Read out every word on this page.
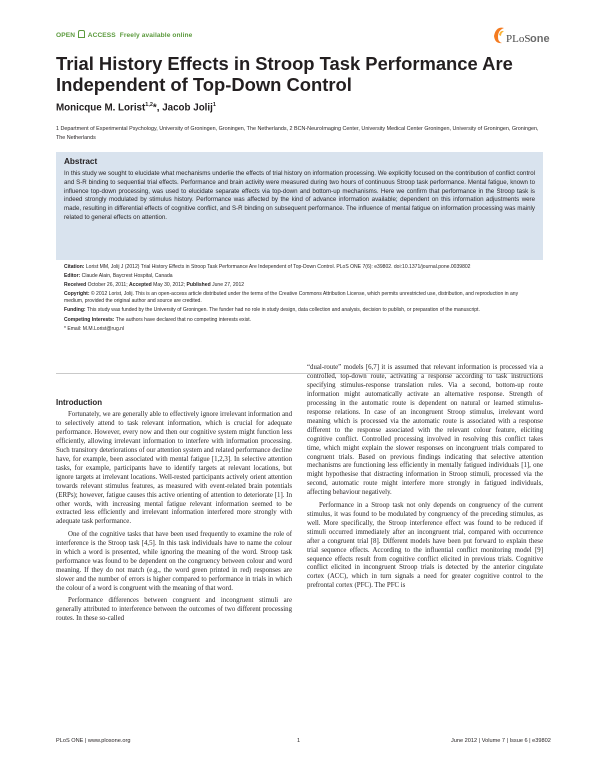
OPEN ACCESS Freely available online	PLoS one
Trial History Effects in Stroop Task Performance Are Independent of Top-Down Control
Monicque M. Lorist$^{1,2}$*, Jacob Jolij$^1$
1 Department of Experimental Psychology, University of Groningen, Groningen, The Netherlands, 2 BCN-NeuroImaging Center, University Medical Center Groningen, University of Groningen, Groningen, The Netherlands
Abstract

In this study we sought to elucidate what mechanisms underlie the effects of trial history on information processing. We explicitly focused on the contribution of conflict control and S-R binding to sequential trial effects. Performance and brain activity were measured during two hours of continuous Stroop task performance. Mental fatigue, known to influence top-down processing, was used to elucidate separate effects via top-down and bottom-up mechanisms. Here we confirm that performance in the Stroop task is indeed strongly modulated by stimulus history. Performance was affected by the kind of advance information available; dependent on this information adjustments were made, resulting in differential effects of cognitive conflict, and S-R binding on subsequent performance. The influence of mental fatigue on information processing was mainly related to general effects on attention.

Citation: Lorist MM, Jolij J (2012) Trial History Effects in Stroop Task Performance Are Independent of Top-Down Control. PLoS ONE 7(6): e39802. doi:10.1371/journal.pone.0039802
Editor: Claude Alain, Baycrest Hospital, Canada
Received October 26, 2011; Accepted May 30, 2012; Published June 27, 2012
Copyright: © 2012 Lorist, Jolij. This is an open-access article distributed under the terms of the Creative Commons Attribution License, which permits unrestricted use, distribution, and reproduction in any medium, provided the original author and source are credited.
Funding: This study was funded by the University of Groningen. The funder had no role in study design, data collection and analysis, decision to publish, or preparation of the manuscript.
Competing Interests: The authors have declared that no competing interests exist.
* Email: M.M.Lorist@rug.nl
Introduction

Fortunately, we are generally able to effectively ignore irrelevant information and to selectively attend to task relevant information, which is crucial for adequate performance. However, every now and then our cognitive system might function less efficiently, allowing irrelevant information to interfere with information processing. Such transitory deteriorations of our attention system and related performance decline have, for example, been associated with mental fatigue [1,2,3]. In selective attention tasks, for example, participants have to identify targets at relevant locations, but ignore targets at irrelevant locations. Well-rested participants actively orient attention towards relevant stimulus features, as measured with event-related brain potentials (ERPs); however, fatigue causes this active orienting of attention to deteriorate [1]. In other words, with increasing mental fatigue relevant information seemed to be extracted less efficiently and irrelevant information interfered more strongly with adequate task performance.

One of the cognitive tasks that have been used frequently to examine the role of interference is the Stroop task [4,5]. In this task individuals have to name the colour in which a word is presented, while ignoring the meaning of the word. Stroop task performance was found to be dependent on the congruency between colour and word meaning. If they do not match (e.g., the word green printed in red) responses are slower and the number of errors is higher compared to performance in trials in which the colour of a word is congruent with the meaning of that word.

Performance differences between congruent and incongruent stimuli are generally attributed to interference between the outcomes of two different processing routes. In these so-called

“dual-route” models [6,7] it is assumed that relevant information is processed via a controlled, top-down route, activating a response according to task instructions specifying stimulus-response translation rules. Via a second, bottom-up route information might automatically activate an alternative response. Strength of processing in the automatic route is dependent on natural or learned stimulus-response relations. In case of an incongruent Stroop stimulus, irrelevant word meaning which is processed via the automatic route is associated with a response different to the response associated with the relevant colour feature, eliciting cognitive conflict. Controlled processing involved in resolving this conflict takes time, which might explain the slower responses on incongruent trials compared to congruent trials. Based on previous findings indicating that selective attention mechanisms are functioning less efficiently in mentally fatigued individuals [1], one might hypothesise that distracting information in Stroop stimuli, processed via the second, automatic route might interfere more strongly in fatigued individuals, affecting behaviour negatively.

Performance in a Stroop task not only depends on congruency of the current stimulus, it was found to be modulated by congruency of the preceding stimulus, as well. More specifically, the Stroop interference effect was found to be reduced if stimuli occurred immediately after an incongruent trial, compared with occurrence after a congruent trial [8]. Different models have been put forward to explain these trial sequence effects. According to the influential conflict monitoring model [9] sequence effects result from cognitive conflict elicited in previous trials. Cognitive conflict elicited in incongruent Stroop trials is detected by the anterior cingulate cortex (ACC), which in turn signals a need for greater cognitive control to the prefrontal cortex (PFC). The PFC is

PLoS ONE | www.plosone.org	1	June 2012 | Volume 7 | Issue 6 | e39802
